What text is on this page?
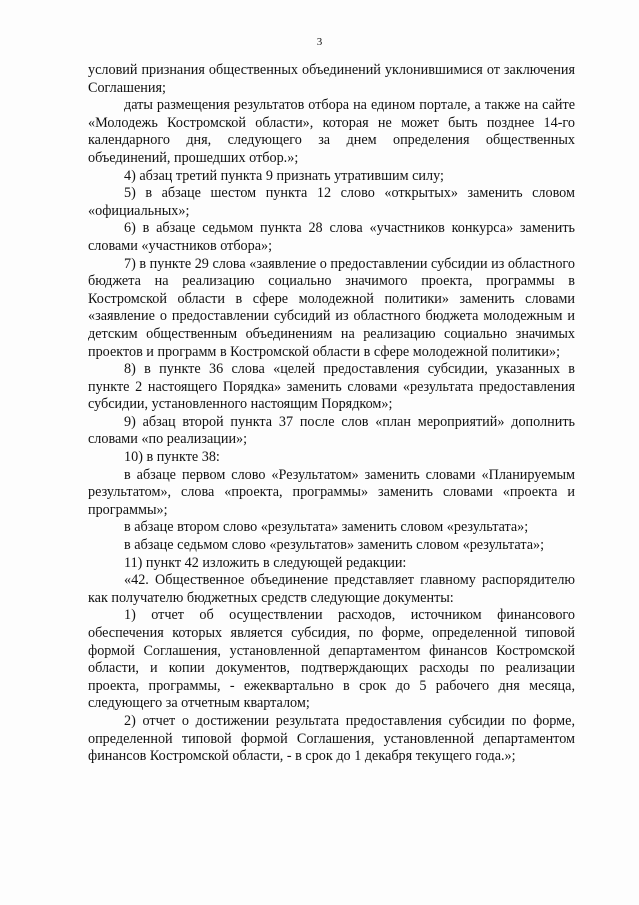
3

условий признания общественных объединений уклонившимися от заключения Соглашения;

даты размещения результатов отбора на едином портале, а также на сайте «Молодежь Костромской области», которая не может быть позднее 14-го календарного дня, следующего за днем определения общественных объединений, прошедших отбор.»;

4) абзац третий пункта 9 признать утратившим силу;

5) в абзаце шестом пункта 12 слово «открытых» заменить словом «официальных»;

6) в абзаце седьмом пункта 28 слова «участников конкурса» заменить словами «участников отбора»;

7) в пункте 29 слова «заявление о предоставлении субсидии из областного бюджета на реализацию социально значимого проекта, программы в Костромской области в сфере молодежной политики» заменить словами «заявление о предоставлении субсидий из областного бюджета молодежным и детским общественным объединениям на реализацию социально значимых проектов и программ в Костромской области в сфере молодежной политики»;

8) в пункте 36 слова «целей предоставления субсидии, указанных в пункте 2 настоящего Порядка» заменить словами «результата предоставления субсидии, установленного настоящим Порядком»;

9) абзац второй пункта 37 после слов «план мероприятий» дополнить словами «по реализации»;

10) в пункте 38:

в абзаце первом слово «Результатом» заменить словами «Планируемым результатом», слова «проекта, программы» заменить словами «проекта и программы»;

в абзаце втором слово «результата» заменить словом «результата»;

в абзаце седьмом слово «результатов» заменить словом «результата»;

11) пункт 42 изложить в следующей редакции:

«42. Общественное объединение представляет главному распорядителю как получателю бюджетных средств следующие документы:

1) отчет об осуществлении расходов, источником финансового обеспечения которых является субсидия, по форме, определенной типовой формой Соглашения, установленной департаментом финансов Костромской области, и копии документов, подтверждающих расходы по реализации проекта, программы, - ежеквартально в срок до 5 рабочего дня месяца, следующего за отчетным кварталом;

2) отчет о достижении результата предоставления субсидии по форме, определенной типовой формой Соглашения, установленной департаментом финансов Костромской области, - в срок до 1 декабря текущего года.»;
